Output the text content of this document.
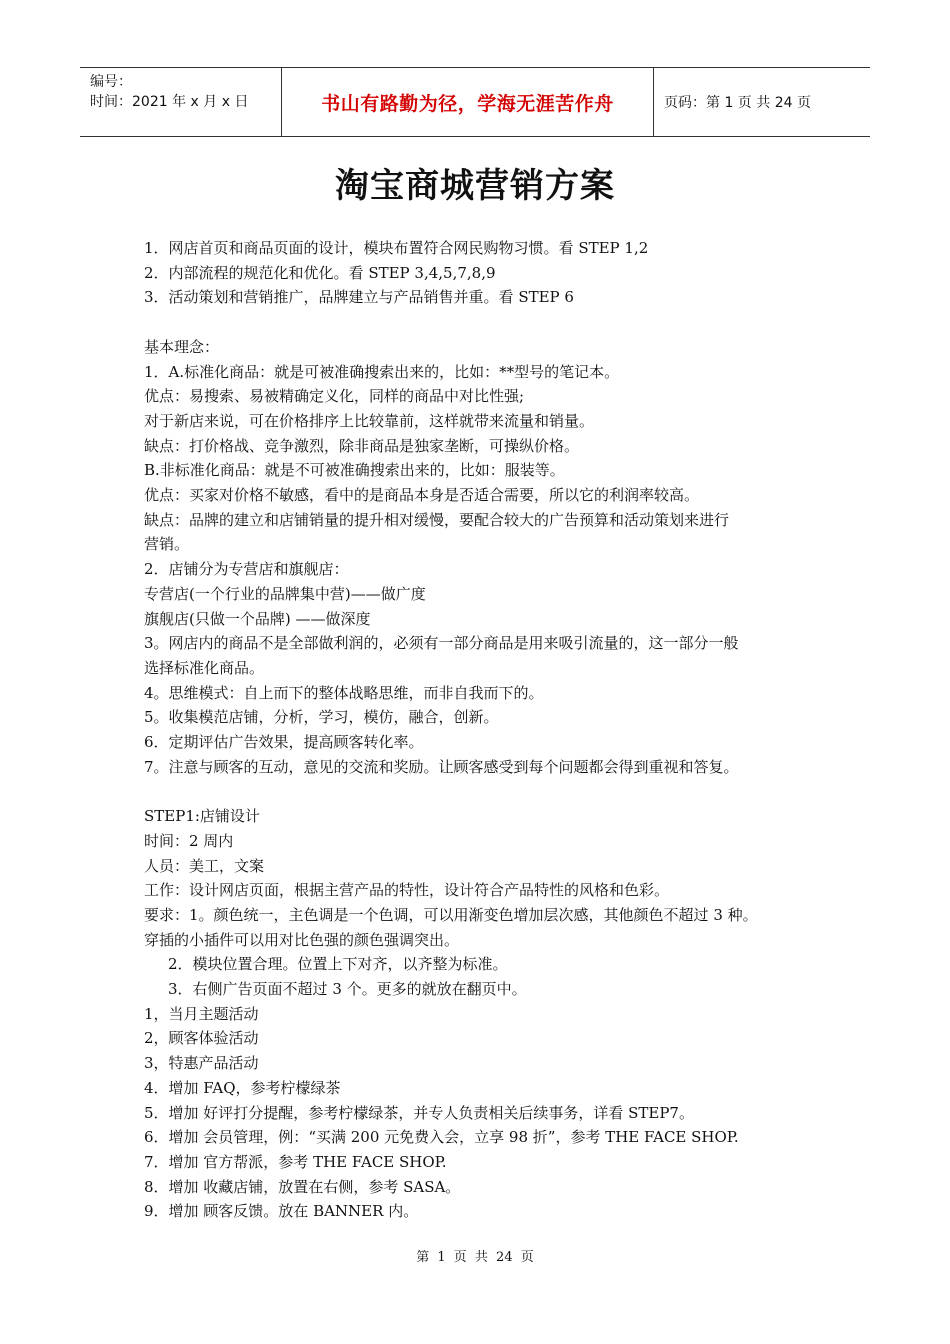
编号：
时间：2021 年 x 月 x 日	书山有路勤为径，学海无涯苦作舟	页码：第 1 页 共 24 页
淘宝商城营销方案
1．网店首页和商品页面的设计，模块布置符合网民购物习惯。看 STEP 1,2
2．内部流程的规范化和优化。看 STEP 3,4,5,7,8,9
3．活动策划和营销推广，品牌建立与产品销售并重。看 STEP 6
基本理念：
1．A.标准化商品：就是可被准确搜索出来的，比如：**型号的笔记本。
优点：易搜索、易被精确定义化，同样的商品中对比性强;
对于新店来说，可在价格排序上比较靠前，这样就带来流量和销量。
缺点：打价格战、竞争激烈，除非商品是独家垄断，可操纵价格。
B.非标准化商品：就是不可被准确搜索出来的，比如：服装等。
优点：买家对价格不敏感，看中的是商品本身是否适合需要，所以它的利润率较高。
缺点：品牌的建立和店铺销量的提升相对缓慢，要配合较大的广告预算和活动策划来进行
营销。
2．店铺分为专营店和旗舰店：
专营店(一个行业的品牌集中营)——做广度
旗舰店(只做一个品牌) ——做深度
3。网店内的商品不是全部做利润的，必须有一部分商品是用来吸引流量的，这一部分一般
选择标准化商品。
4。思维模式：自上而下的整体战略思维，而非自我而下的。
5。收集模范店铺，分析，学习，模仿，融合，创新。
6．定期评估广告效果，提高顾客转化率。
7。注意与顾客的互动，意见的交流和奖励。让顾客感受到每个问题都会得到重视和答复。
STEP1:店铺设计
时间：2 周内
人员：美工，文案
工作：设计网店页面，根据主营产品的特性，设计符合产品特性的风格和色彩。
要求：1。颜色统一，主色调是一个色调，可以用渐变色增加层次感，其他颜色不超过 3 种。
穿插的小插件可以用对比色强的颜色强调突出。
2．模块位置合理。位置上下对齐，以齐整为标准。
3．右侧广告页面不超过 3 个。更多的就放在翻页中。
1，当月主题活动
2，顾客体验活动
3，特惠产品活动
4．增加 FAQ，参考柠檬绿茶
5．增加 好评打分提醒，参考柠檬绿茶，并专人负责相关后续事务，详看 STEP7。
6．增加 会员管理，例：“买满 200 元免费入会，立享 98 折”，参考 THE FACE SHOP.
7．增加 官方帮派，参考 THE FACE SHOP.
8．增加 收藏店铺，放置在右侧，参考 SASA。
9．增加 顾客反馈。放在 BANNER 内。
第 1 页 共 24 页
